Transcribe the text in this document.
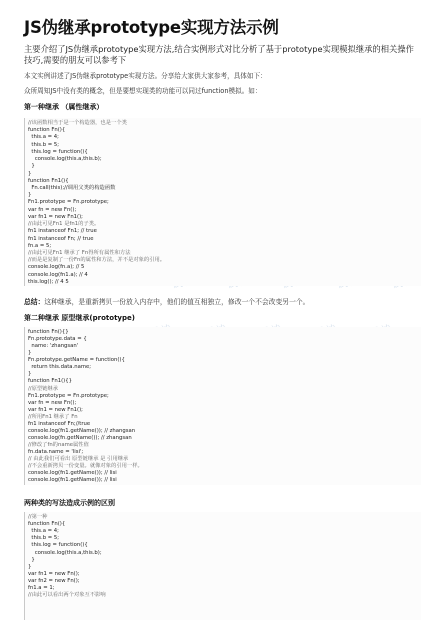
JS伪继承prototype实现方法示例
主要介绍了JS伪继承prototype实现方法,结合实例形式对比分析了基于prototype实现模拟继承的相关操作技巧,需要的朋友可以参考下
本文实例讲述了JS伪继承prototype实现方法。分享给大家供大家参考，具体如下：
众所周知JS中没有类的概念，但是要想实现类的功能可以同过function模拟。如：
第一种继承 （属性继承）
//该函数相当于是一个构造器，也是一个类
function Fn(){
this.a = 4;
this.b = 5;
this.log = function(){
console.log(this.a,this.b);
}
}
function Fn1(){
Fn.call(this);//调用父类的构造函数
}
Fn1.prototype = Fn.prototype;
var fn = new Fn();
var fn1 = new Fn1();
//由此可见Fn1 是fn1的子类。
fn1 instanceof Fn1; // true
fn1 instanceof Fn; // true
fn.a = 5;
//由此可见Fn1 继承了 Fn得所有属性和方法
//而是是复制了一份Fn的属性和方法，并不是对象的引用。
console.log(fn.a); // 5
console.log(fn1.a); // 4
this.log(); // 4 5
总结：这种继承，是重新拷贝一份放入内存中，他们的值互相独立，修改一个不会改变另一个。
第二种继承 原型继承(prototype)
function Fn(){}
Fn.prototype.data = {
name: 'zhangsan'
}
Fn.prototype.getName = function(){
return this.data.name;
}
function Fn1(){}
//原型链继承
Fn1.prototype = Fn.prototype;
var fn = new Fn();
var fn1 = new Fn1();
//所用Fn1 继承了 Fn
fn1 instanceof Fn;//true
console.log(fn1.getName()); // zhangsan
console.log(fn.getName()); // zhangsan
//修改了fn的name属性值
fn.data.name = 'lisi';
// 由此我们可看出 原型链继承 是 引用继承
//不会重新拷贝一份变量。就像对象的引用一样。
console.log(fn1.getName()); // lisi
console.log(fn1.getName()); // lisi
两种类的写法造成示例的区别
//第一种
function Fn(){
this.a = 4;
this.b = 5;
this.log = function(){
console.log(this.a,this.b);
}
}
var fn1 = new Fn();
var fn2 = new Fn();
fn1.a = 1;
//由此可以看出两个对象互不影响
